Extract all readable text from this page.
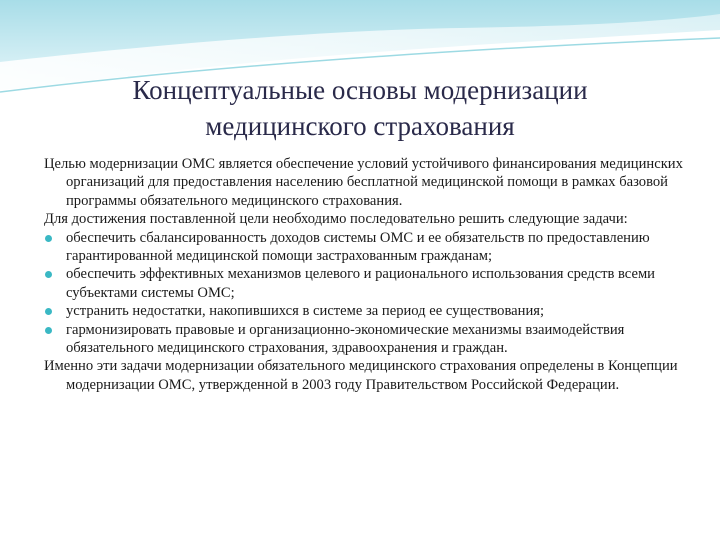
Концептуальные основы модернизации
медицинского страхования

Целью модернизации ОМС является обеспечение условий устойчивого финансирования медицинских организаций для предоставления населению бесплатной медицинской помощи в рамках базовой программы обязательного медицинского страхования.

Для достижения поставленной цели необходимо последовательно решить следующие задачи:

обеспечить сбалансированность доходов системы ОМС и ее обязательств по предоставлению гарантированной медицинской помощи застрахованным гражданам;
обеспечить эффективных механизмов целевого и рационального использования средств всеми субъектами системы ОМС;
устранить недостатки, накопившихся в системе за период ее существования;
гармонизировать правовые и организационно-экономические механизмы взаимодействия обязательного медицинского страхования, здравоохранения и граждан.

Именно эти задачи модернизации обязательного медицинского страхования определены в Концепции модернизации ОМС, утвержденной в 2003 году Правительством Российской Федерации.
